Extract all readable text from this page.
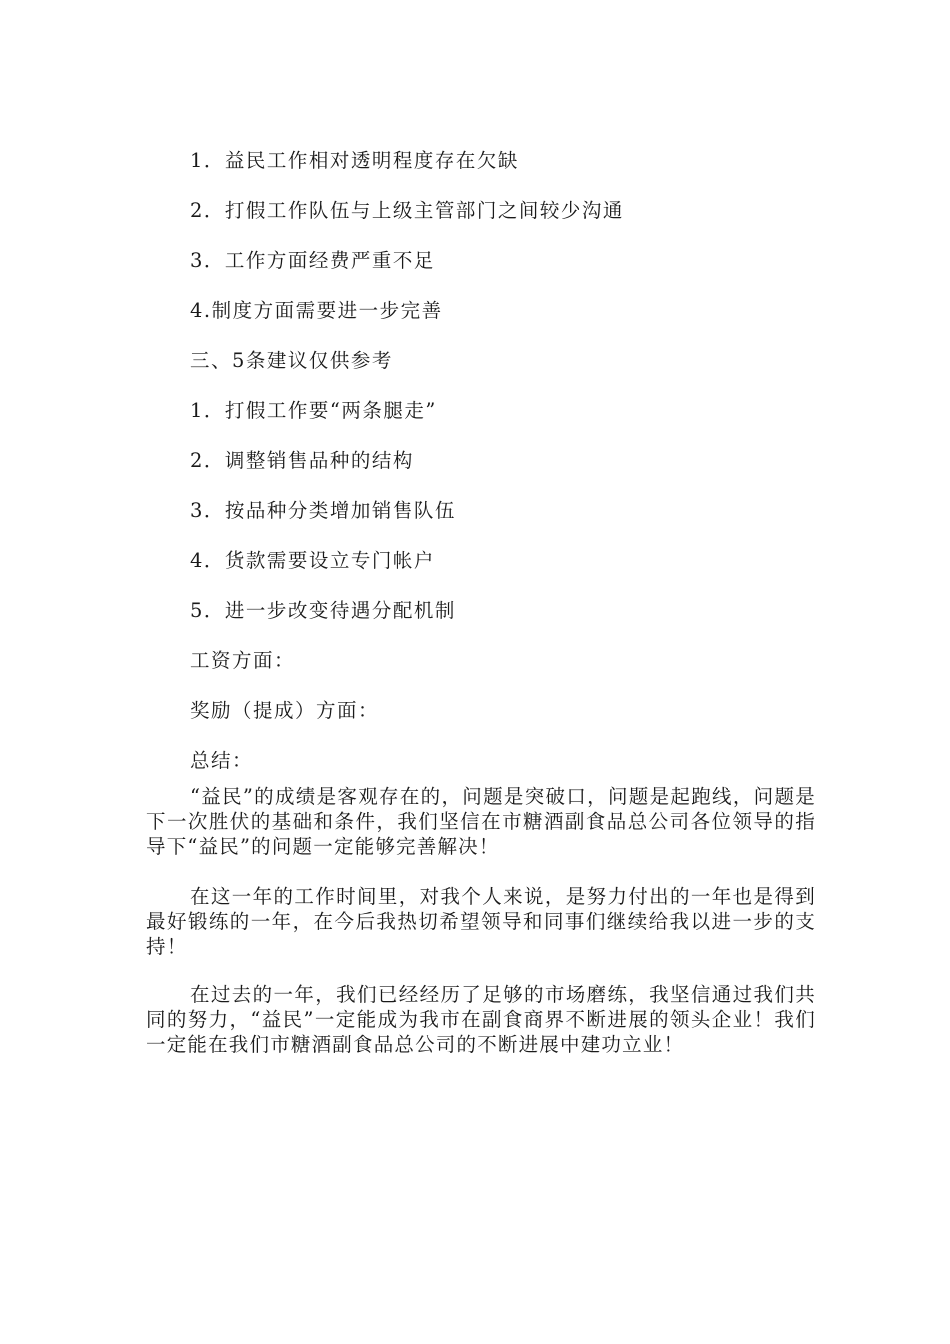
1．益民工作相对透明程度存在欠缺
2．打假工作队伍与上级主管部门之间较少沟通
3．工作方面经费严重不足
4.制度方面需要进一步完善
三、5条建议仅供参考
1．打假工作要“两条腿走”
2．调整销售品种的结构
3．按品种分类增加销售队伍
4．货款需要设立专门帐户
5．进一步改变待遇分配机制
工资方面：
奖励（提成）方面：
总结：

“益民”的成绩是客观存在的，问题是突破口，问题是起跑线，问题是下一次胜伏的基础和条件，我们坚信在市糖酒副食品总公司各位领导的指导下“益民”的问题一定能够完善解决！

在这一年的工作时间里，对我个人来说，是努力付出的一年也是得到最好锻练的一年，在今后我热切希望领导和同事们继续给我以进一步的支持！

在过去的一年，我们已经经历了足够的市场磨练，我坚信通过我们共同的努力，“益民”一定能成为我市在副食商界不断进展的领头企业！我们一定能在我们市糖酒副食品总公司的不断进展中建功立业！
